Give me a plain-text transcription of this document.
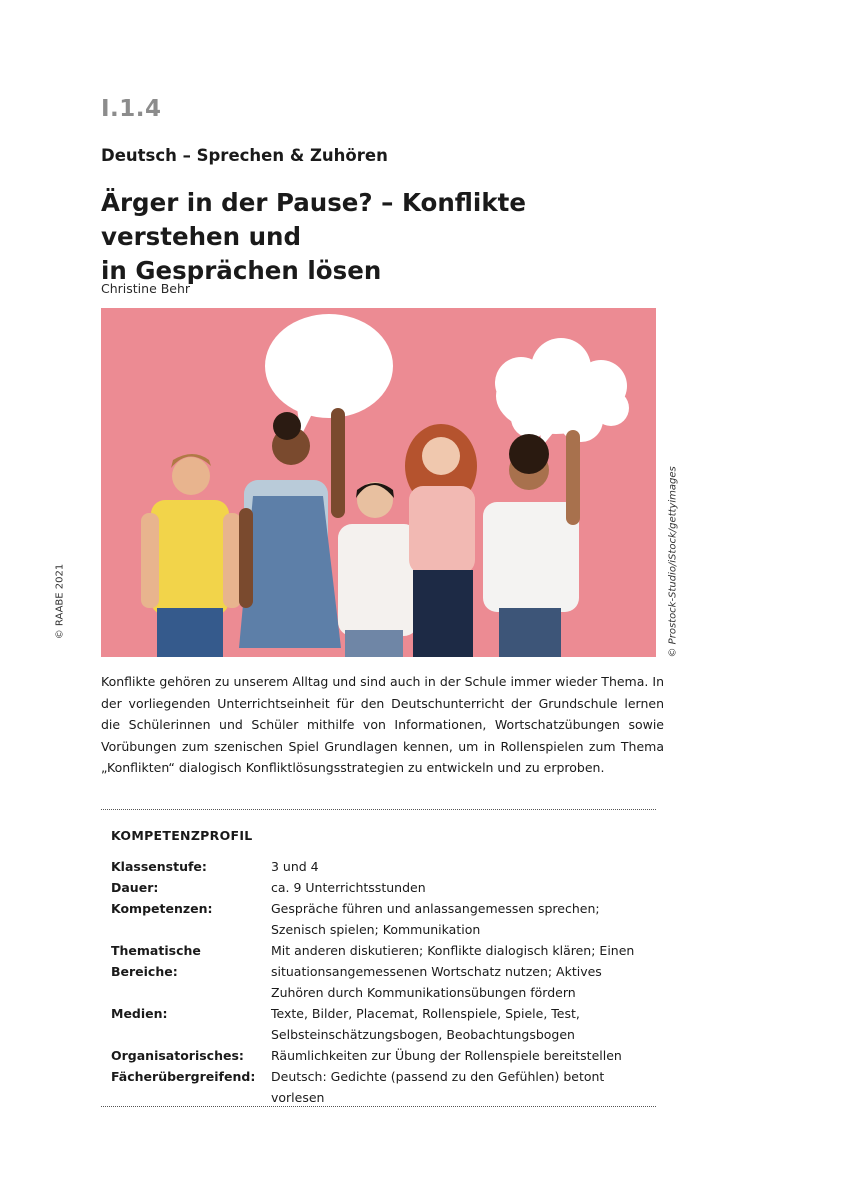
I.1.4
Deutsch – Sprechen & Zuhören
Ärger in der Pause? – Konflikte verstehen und
in Gesprächen lösen
Christine Behr
© RAABE 2021	© Prostock-Studio/iStock/gettyimages
Konflikte gehören zu unserem Alltag und sind auch in der Schule immer wieder Thema. In der vorliegenden Unterrichtseinheit für den Deutschunterricht der Grundschule lernen die Schülerinnen und Schüler mithilfe von Informationen, Wortschatzübungen sowie Vorübungen zum szenischen Spiel Grundlagen kennen, um in Rollenspielen zum Thema „Konflikten“ dialogisch Konfliktlösungsstrategien zu entwickeln und zu erproben.
KOMPETENZPROFIL
Klassenstufe:	3 und 4
Dauer:	ca. 9 Unterrichtsstunden
Kompetenzen:	Gespräche führen und anlassangemessen sprechen; Szenisch spielen; Kommunikation
Thematische Bereiche:
Mit anderen diskutieren; Konflikte dialogisch klären; Einen situationsangemessenen Wortschatz nutzen; Aktives Zuhören durch Kommunikationsübungen fördern
Medien:	Texte, Bilder, Placemat, Rollenspiele, Spiele, Test, Selbsteinschätzungsbogen, Beobachtungsbogen
Organisatorisches:	Räumlichkeiten zur Übung der Rollenspiele bereitstellen
Fächerübergreifend:	Deutsch: Gedichte (passend zu den Gefühlen) betont vorlesen
